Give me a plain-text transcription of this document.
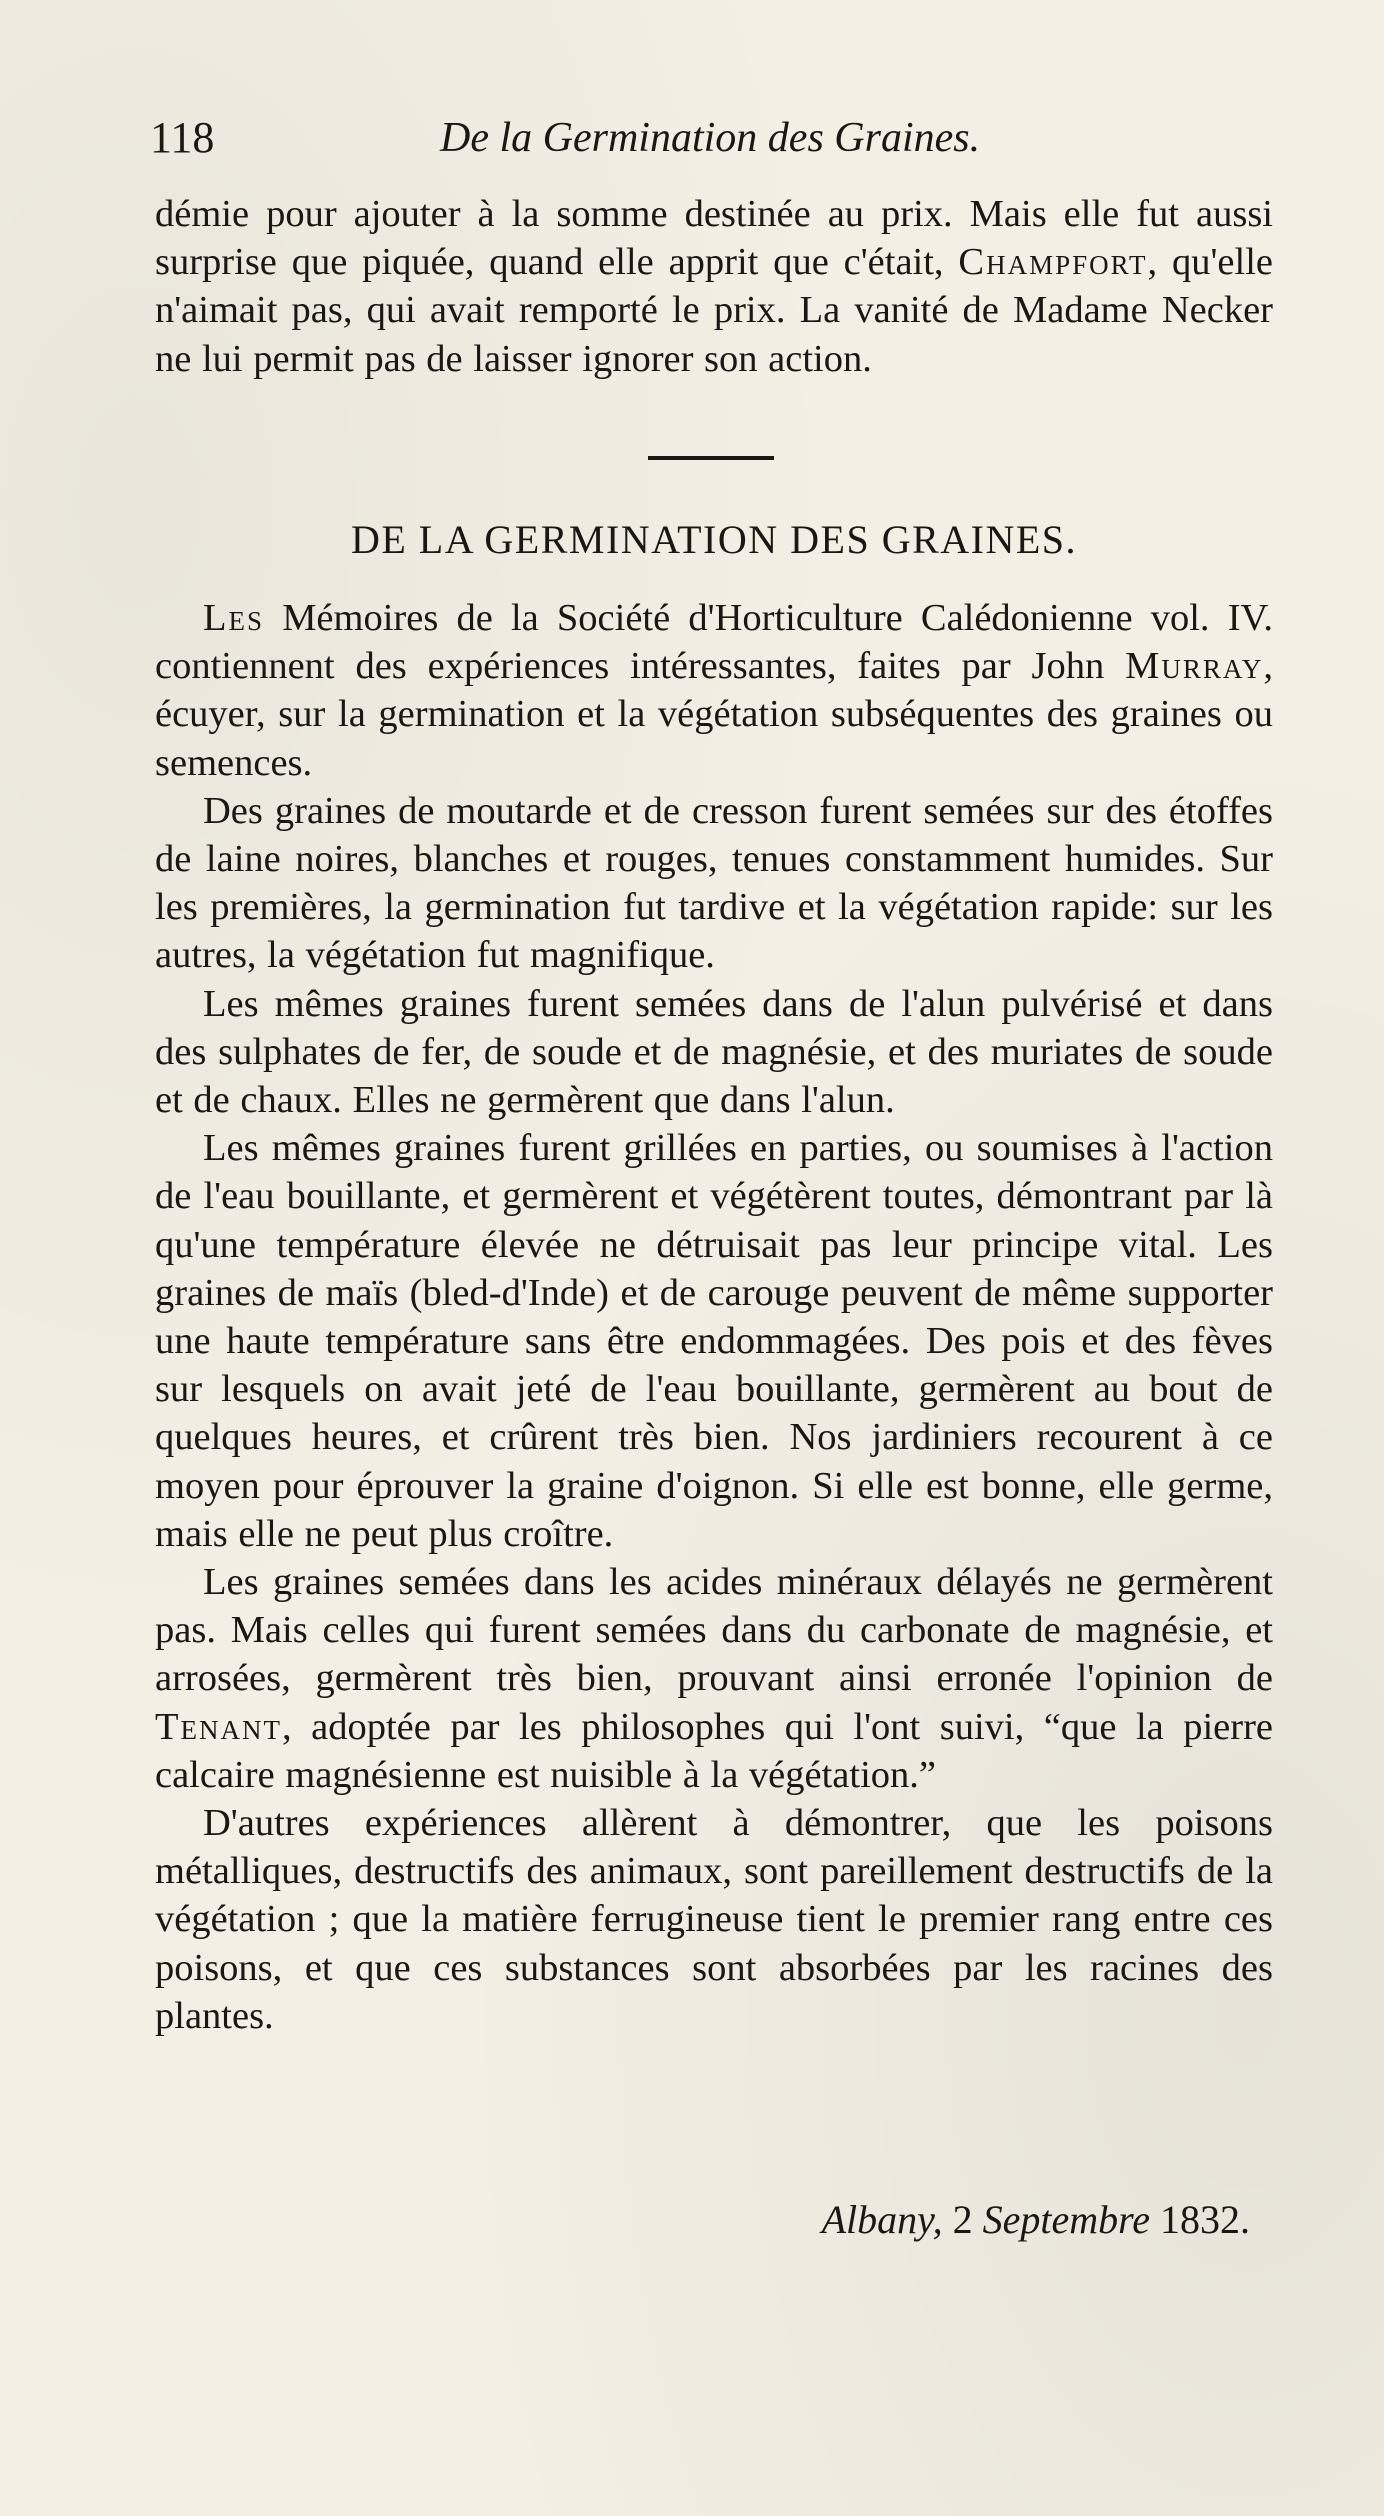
118	De la Germination des Graines.

démie pour ajouter à la somme destinée au prix. Mais elle fut aussi surprise que piquée, quand elle apprit que c'était, Champfort, qu'elle n'aimait pas, qui avait remporté le prix. La vanité de Madame Necker ne lui permit pas de laisser ignorer son action.

DE LA GERMINATION DES GRAINES.

Les Mémoires de la Société d'Horticulture Calédonienne vol. IV. contiennent des expériences intéressantes, faites par John Murray, écuyer, sur la germination et la végétation subséquentes des graines ou semences.

Des graines de moutarde et de cresson furent semées sur des étoffes de laine noires, blanches et rouges, tenues constamment humides. Sur les premières, la germination fut tardive et la végétation rapide: sur les autres, la végétation fut magnifique.

Les mêmes graines furent semées dans de l'alun pulvérisé et dans des sulphates de fer, de soude et de magnésie, et des muriates de soude et de chaux. Elles ne germèrent que dans l'alun.

Les mêmes graines furent grillées en parties, ou soumises à l'action de l'eau bouillante, et germèrent et végétèrent toutes, démontrant par là qu'une température élevée ne détruisait pas leur principe vital. Les graines de maïs (bled-d'Inde) et de carouge peuvent de même supporter une haute température sans être endommagées. Des pois et des fèves sur lesquels on avait jeté de l'eau bouillante, germèrent au bout de quelques heures, et crûrent très bien. Nos jardiniers recourent à ce moyen pour éprouver la graine d'oignon. Si elle est bonne, elle germe, mais elle ne peut plus croître.

Les graines semées dans les acides minéraux délayés ne germèrent pas. Mais celles qui furent semées dans du carbonate de magnésie, et arrosées, germèrent très bien, prouvant ainsi erronée l'opinion de Tenant, adoptée par les philosophes qui l'ont suivi, “que la pierre calcaire magnésienne est nuisible à la végétation.”

D'autres expériences allèrent à démontrer, que les poisons métalliques, destructifs des animaux, sont pareillement destructifs de la végétation ; que la matière ferrugineuse tient le premier rang entre ces poisons, et que ces substances sont absorbées par les racines des plantes.

Albany, 2 Septembre 1832.
